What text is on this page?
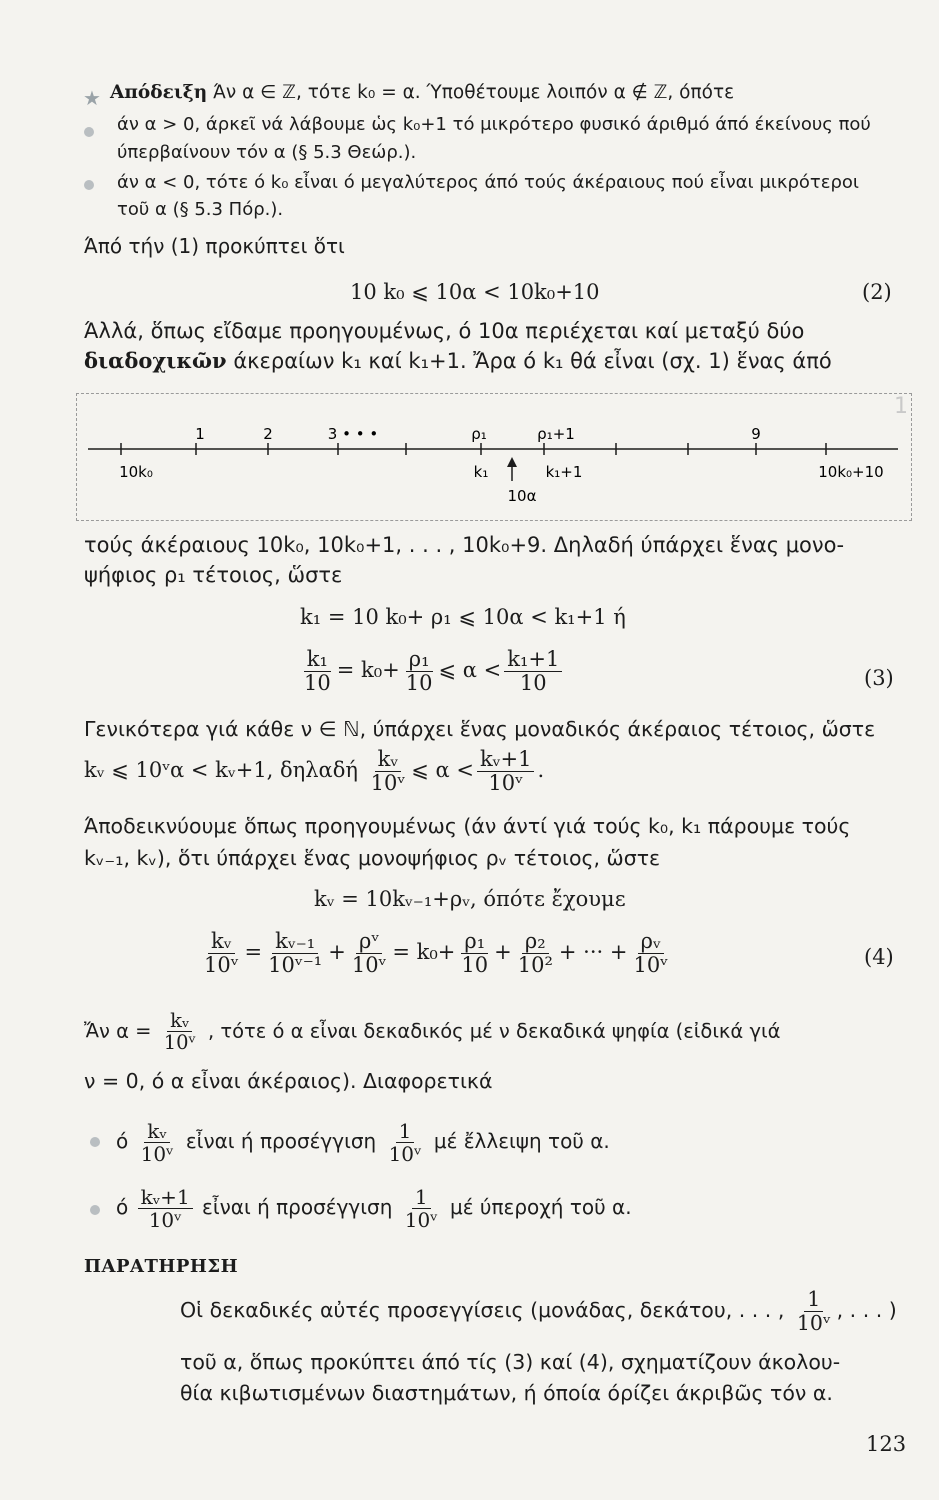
★ Απόδειξη Άν α ∈ ℤ, τότε k₀ = α. Ύποθέτουμε λοιπόν α ∉ ℤ, όπότε
άν α > 0, άρκεῖ νά λάβουμε ὡς k₀+1 τό μικρότερο φυσικό άριθμό άπό έκείνους πού
ύπερβαίνουν τόν α (§ 5.3 Θεώρ.).
άν α < 0, τότε ό k₀ εἶναι ό μεγαλύτερος άπό τούς άκέραιους πού εἶναι μικρότεροι
τοῦ α (§ 5.3 Πόρ.).
Άπό τήν (1) προκύπτει ὅτι
10 k₀ ⩽ 10α < 10k₀+10	(2)
Άλλά, ὅπως εἴδαμε προηγουμένως, ό 10α περιέχεται καί μεταξύ δύο
διαδοχικῶν άκεραίων k₁ καί k₁+1. Ἄρα ό k₁ θά εἶναι (σχ. 1) ἕνας άπό
1
1	2	3 • • •	ρ₁	ρ₁+1	9
10k₀	k₁	k₁+1	10k₀+10
10α
τούς άκέραιους 10k₀, 10k₀+1, . . . , 10k₀+9. Δηλαδή ύπάρχει ἕνας μονο-
ψήφιος ρ₁ τέτοιος, ὥστε
k₁ = 10 k₀+ ρ₁ ⩽ 10α < k₁+1 ή
$\frac{\text{k₁}}{10} = k_0+ \frac{\text{ρ₁}}{10}$ ⩽ $\alpha < \frac{\text{k₁+1}}{10}$	(3)
Γενικότερα γιά κάθε ν ∈ ℕ, ύπάρχει ἕνας μοναδικός άκέραιος τέτοιος, ὥστε
kᵥ ⩽ 10ᵛα < kᵥ+1, δηλαδή $\frac{\text{kᵥ}}{\text{10ᵛ}}$ ⩽ $\alpha < \frac{\text{kᵥ+1}}{\text{10ᵛ}}$ .
Άποδεικνύουμε ὅπως προηγουμένως (άν άντί γιά τούς k₀, k₁ πάρουμε τούς
kᵥ₋₁, kᵥ), ὅτι ύπάρχει ἕνας μονοψήφιος ρᵥ τέτοιος, ὥστε
kᵥ = 10kᵥ₋₁+ρᵥ, όπότε ἔχουμε
$\frac{\text{kᵥ}}{\text{10ᵛ}} = \frac{\text{kᵥ₋₁}}{\text{10ᵛ⁻¹}} + \frac{\text{ρᵛ}}{\text{10ᵛ}} = k_0+ \frac{\text{ρ₁}}{10} + \frac{\text{ρ₂}}{\text{10²}}$ + ··· + $\frac{\text{ρᵥ}}{\text{10ᵛ}}$	(4)
Ἄν $\alpha = \frac{\text{kᵥ}}{\text{10ᵛ}}$ , τότε ό α εἶναι δεκαδικός μέ ν δεκαδικά ψηφία (εἰδικά γιά
ν = 0, ό α εἶναι άκέραιος). Διαφορετικά
ό $\frac{\text{kᵥ}}{\text{10ᵛ}}$ εἶναι ή προσέγγιση $\frac{1}{\text{10ᵛ}}$ μέ ἔλλειψη τοῦ α.
ό $\frac{\text{kᵥ+1}}{\text{10ᵛ}}$ εἶναι ή προσέγγιση $\frac{1}{\text{10ᵛ}}$ μέ ύπεροχή τοῦ α.
ΠΑΡΑΤΗΡΗΣΗ
Οἱ δεκαδικές αὐτές προσεγγίσεις (μονάδας, δεκάτου, . . . , $\frac{1}{\text{10ᵛ}}$ , . . . )
τοῦ α, ὅπως προκύπτει άπό τίς (3) καί (4), σχηματίζουν άκολου-
θία κιβωτισμένων διαστημάτων, ή όποία όρίζει άκριβῶς τόν α.
123
